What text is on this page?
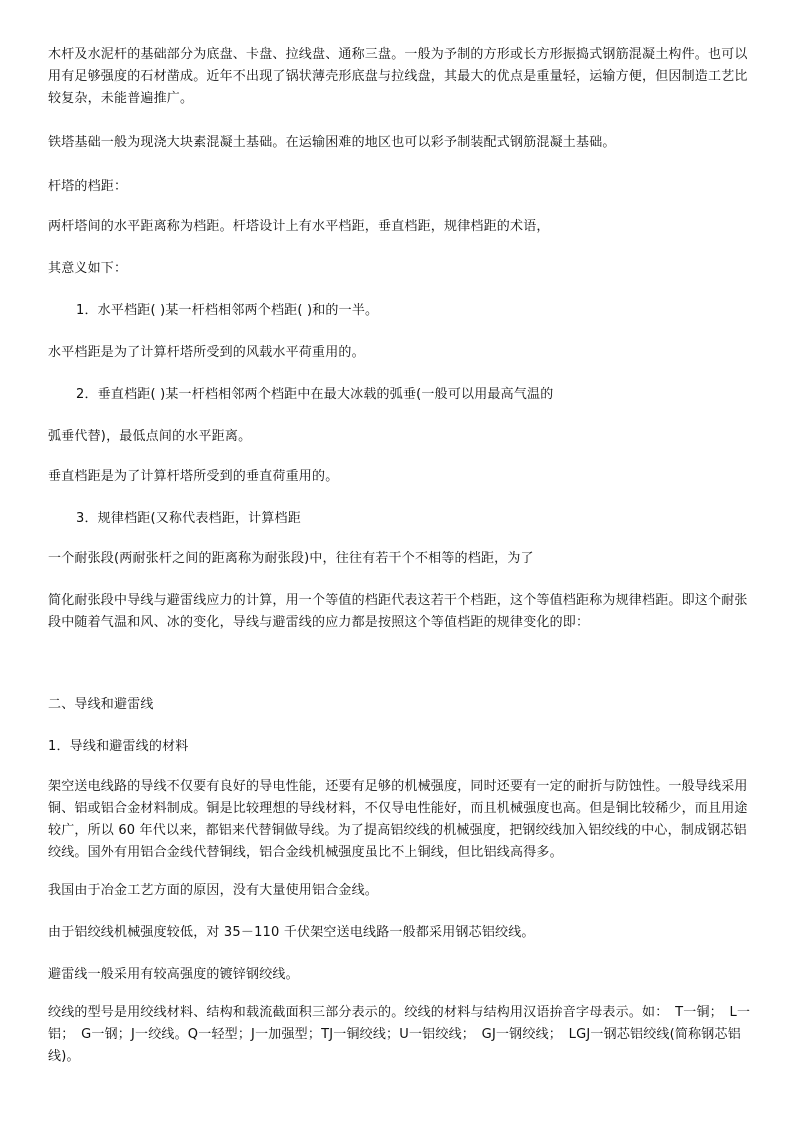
木杆及水泥杆的基础部分为底盘、卡盘、拉线盘、通称三盘。一般为予制的方形或长方形振捣式钢筋混凝土构件。也可以用有足够强度的石材凿成。近年不出现了锅状薄壳形底盘与拉线盘，其最大的优点是重量轻，运输方便，但因制造工艺比较复杂，未能普遍推广。

铁塔基础一般为现浇大块素混凝土基础。在运输困难的地区也可以彩予制装配式钢筋混凝土基础。

杆塔的档距：

两杆塔间的水平距离称为档距。杆塔设计上有水平档距，垂直档距，规律档距的术语，

其意义如下：

1．水平档距( )某一杆档相邻两个档距( )和的一半。

水平档距是为了计算杆塔所受到的风载水平荷重用的。

2．垂直档距( )某一杆档相邻两个档距中在最大冰载的弧垂(一般可以用最高气温的

弧垂代替)，最低点间的水平距离。

垂直档距是为了计算杆塔所受到的垂直荷重用的。

3．规律档距(又称代表档距，计算档距

一个耐张段(两耐张杆之间的距离称为耐张段)中，往往有若干个不相等的档距，为了

简化耐张段中导线与避雷线应力的计算，用一个等值的档距代表这若干个档距，这个等值档距称为规律档距。即这个耐张段中随着气温和风、冰的变化，导线与避雷线的应力都是按照这个等值档距的规律变化的即：

二、导线和避雷线

1．导线和避雷线的材料

架空送电线路的导线不仅要有良好的导电性能，还要有足够的机械强度，同时还要有一定的耐折与防蚀性。一般导线采用铜、铝或铝合金材料制成。铜是比较理想的导线材料，不仅导电性能好，而且机械强度也高。但是铜比较稀少，而且用途较广，所以 60 年代以来，都铝来代替铜做导线。为了提高铝绞线的机械强度，把钢绞线加入铝绞线的中心，制成钢芯铝绞线。国外有用铝合金线代替铜线，铝合金线机械强度虽比不上铜线，但比铝线高得多。

我国由于冶金工艺方面的原因，没有大量使用铝合金线。

由于铝绞线机械强度较低，对 35－110 千伏架空送电线路一般都采用钢芯铝绞线。

避雷线一般采用有较高强度的镀锌钢绞线。

绞线的型号是用绞线材料、结构和载流截面积三部分表示的。绞线的材料与结构用汉语拚音字母表示。如：　T一铜；　L一铝；　G一钢；J一绞线。Q一轻型；J一加强型；TJ一铜绞线；U一铝绞线；　GJ一钢绞线；　LGJ一钢芯铝绞线(简称钢芯铝线)。
